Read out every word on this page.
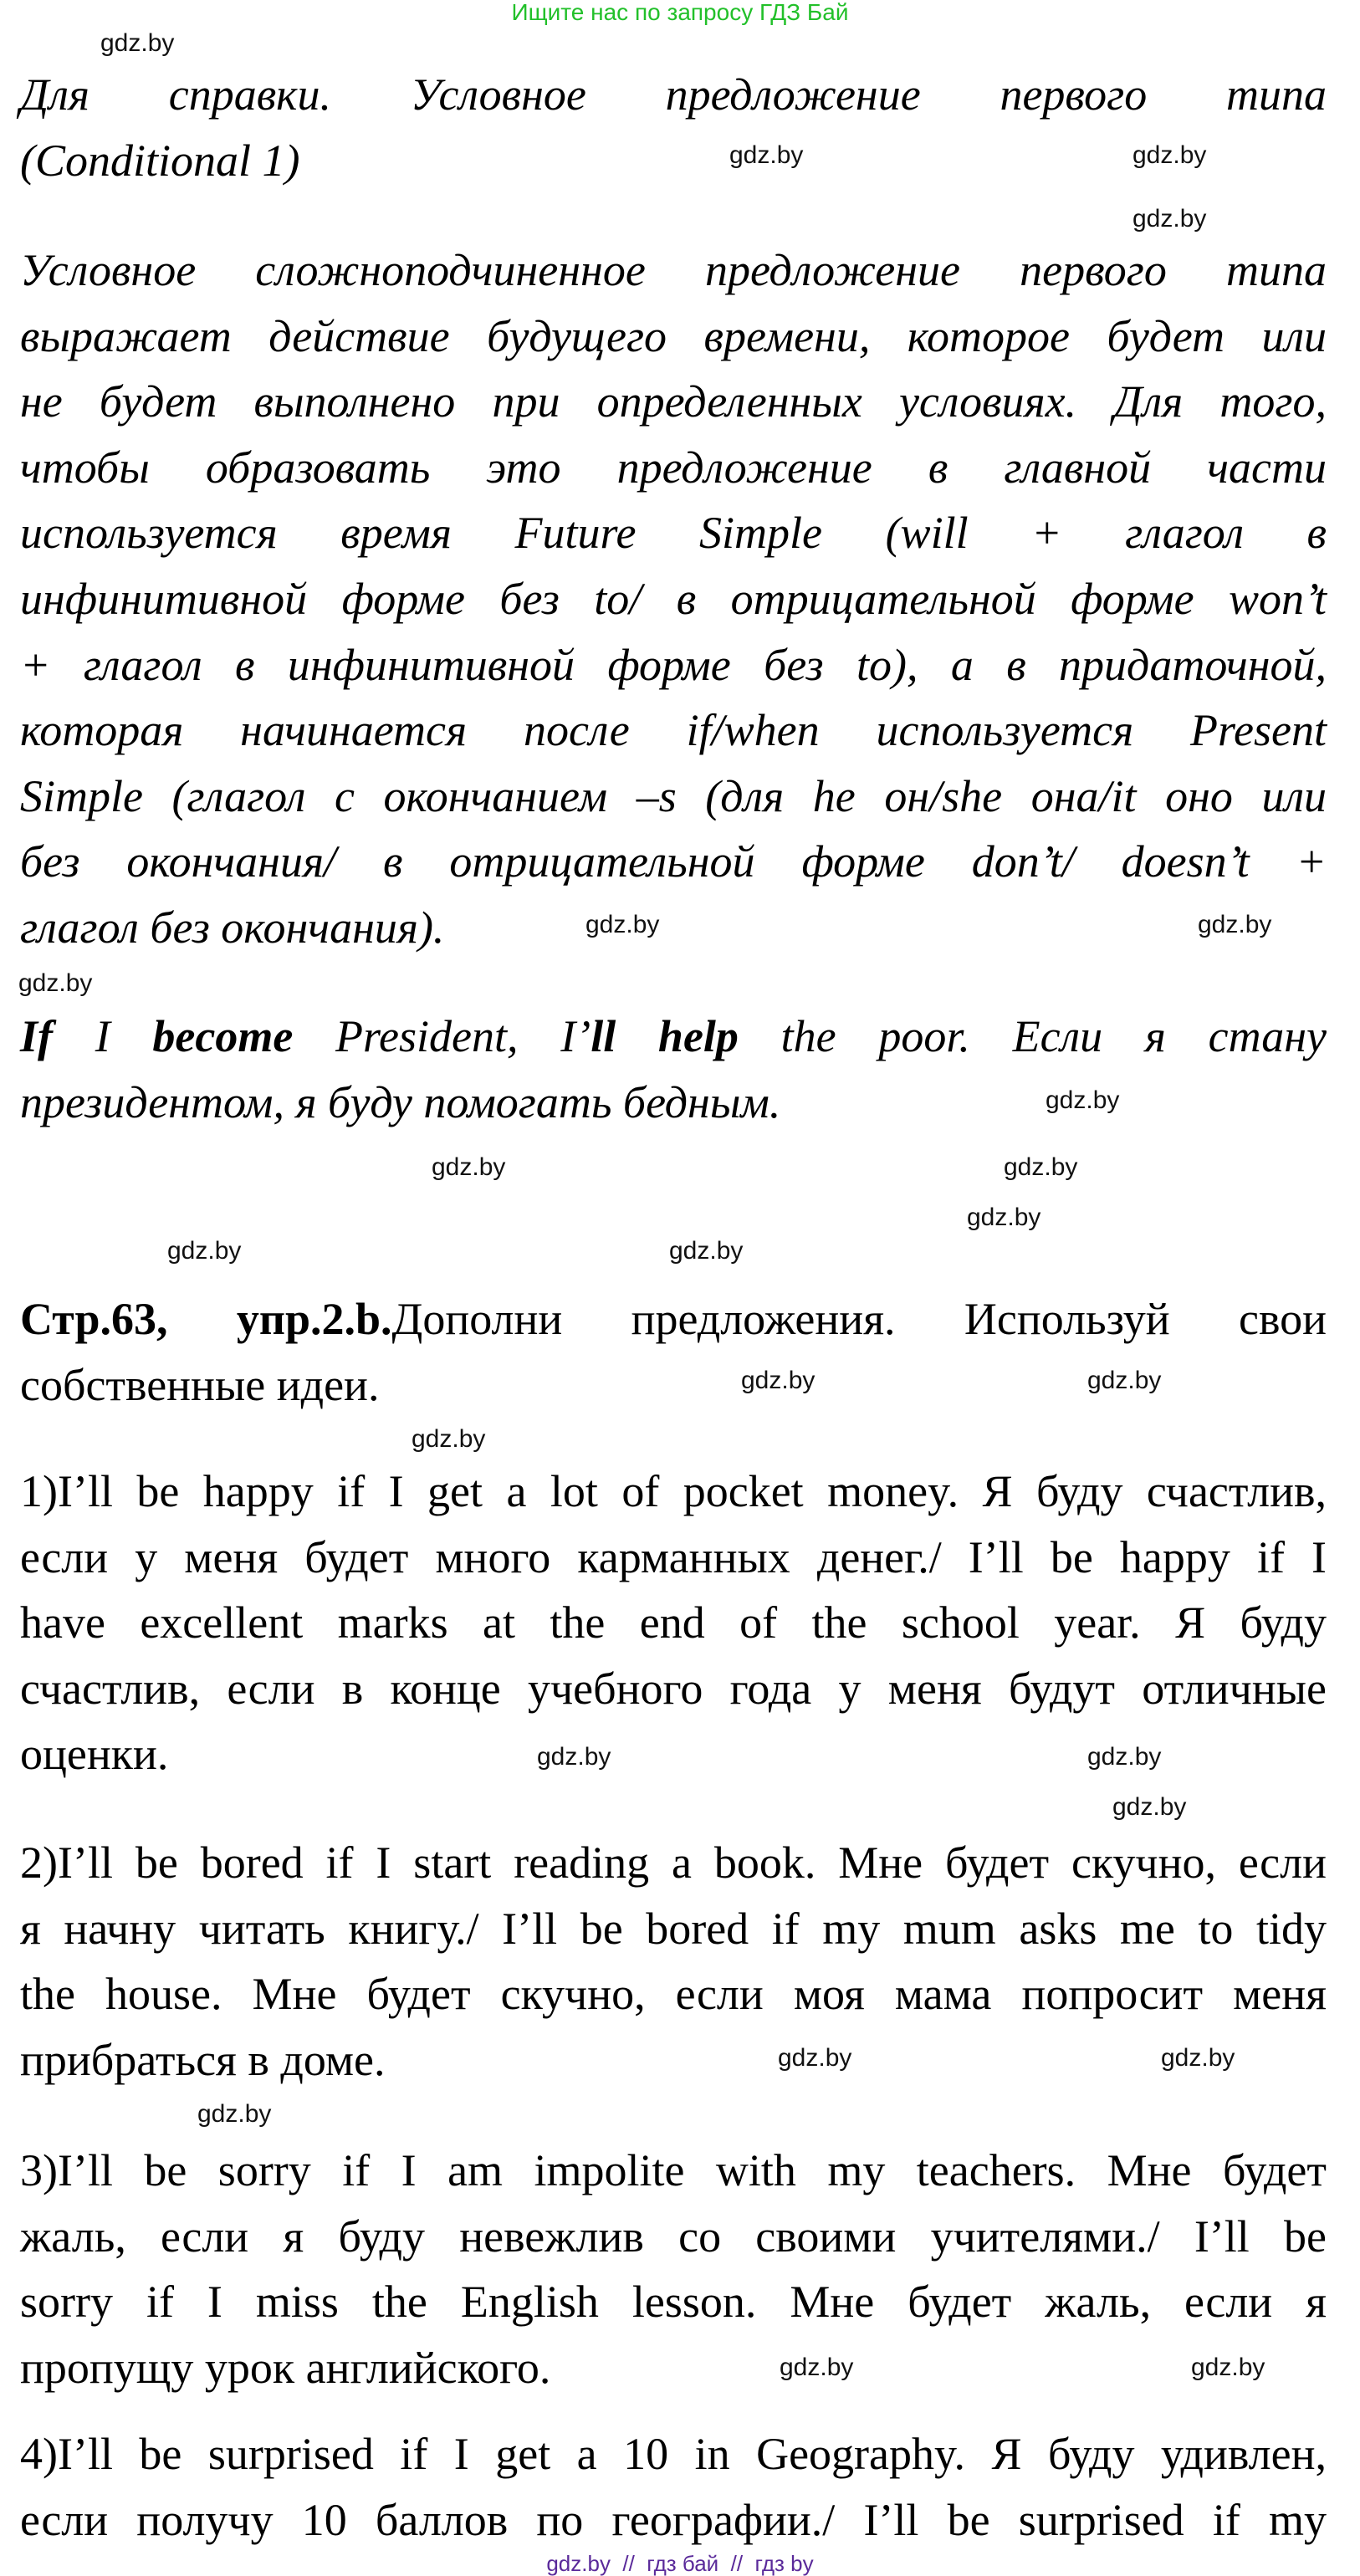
Ищите нас по запросу ГДЗ Бай
Для справки. Условное предложение первого типа
(Conditional 1)
Условное сложноподчиненное предложение первого типа
выражает действие будущего времени, которое будет или
не будет выполнено при определенных условиях. Для того,
чтобы образовать это предложение в главной части
используется время Future Simple (will + глагол в
инфинитивной форме без to/ в отрицательной форме won’t
+ глагол в инфинитивной форме без to), а в придаточной,
которая начинается после if/when используется Present
Simple (глагол с окончанием –s (для he он/she она/it оно или
без окончания/ в отрицательной форме don’t/ doesn’t +
глагол без окончания).
If I become President, I’ll help the poor. Если я стану
президентом, я буду помогать бедным.
Стр.63, упр.2.b.Дополни предложения. Используй свои
собственные идеи.
1)I’ll be happy if I get a lot of pocket money. Я буду счастлив,
если у меня будет много карманных денег./ I’ll be happy if I
have excellent marks at the end of the school year. Я буду
счастлив, если в конце учебного года у меня будут отличные
оценки.
2)I’ll be bored if I start reading a book. Мне будет скучно, если
я начну читать книгу./ I’ll be bored if my mum asks me to tidy
the house. Мне будет скучно, если моя мама попросит меня
прибраться в доме.
3)I’ll be sorry if I am impolite with my teachers. Мне будет
жаль, если я буду невежлив со своими учителями./ I’ll be
sorry if I miss the English lesson. Мне будет жаль, если я
пропущу урок английского.
4)I’ll be surprised if I get a 10 in Geography. Я буду удивлен,
если получу 10 баллов по географии./ I’ll be surprised if my
gdz.by
gdz.by	gdz.by
gdz.by
gdz.by	gdz.by
gdz.by
gdz.by
gdz.by	gdz.by
gdz.by
gdz.by	gdz.by
gdz.by	gdz.by
gdz.by
gdz.by	gdz.by
gdz.by
gdz.by	gdz.by
gdz.by
gdz.by	gdz.by
gdz.by  //  гдз бай  //  гдз by
